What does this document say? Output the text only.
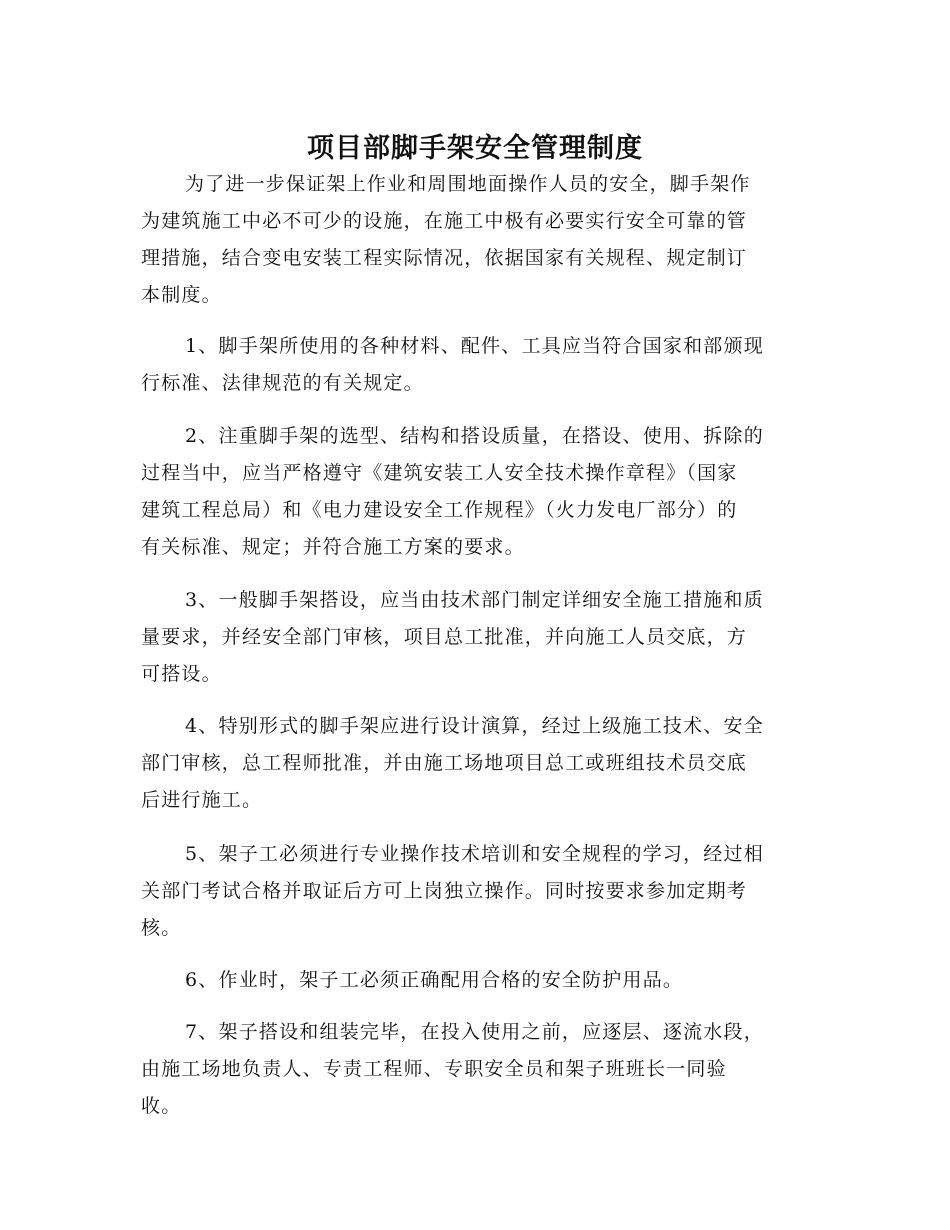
项目部脚手架安全管理制度

为了进一步保证架上作业和周围地面操作人员的安全，脚手架作
为建筑施工中必不可少的设施，在施工中极有必要实行安全可靠的管
理措施，结合变电安装工程实际情况，依据国家有关规程、规定制订
本制度。

1、脚手架所使用的各种材料、配件、工具应当符合国家和部颁现
行标准、法律规范的有关规定。

2、注重脚手架的选型、结构和搭设质量，在搭设、使用、拆除的
过程当中，应当严格遵守《建筑安装工人安全技术操作章程》（国家
建筑工程总局）和《电力建设安全工作规程》（火力发电厂部分）的
有关标准、规定；并符合施工方案的要求。

3、一般脚手架搭设，应当由技术部门制定详细安全施工措施和质
量要求，并经安全部门审核，项目总工批准，并向施工人员交底，方
可搭设。

4、特别形式的脚手架应进行设计演算，经过上级施工技术、安全
部门审核，总工程师批准，并由施工场地项目总工或班组技术员交底
后进行施工。

5、架子工必须进行专业操作技术培训和安全规程的学习，经过相
关部门考试合格并取证后方可上岗独立操作。同时按要求参加定期考
核。

6、作业时，架子工必须正确配用合格的安全防护用品。

7、架子搭设和组装完毕，在投入使用之前，应逐层、逐流水段，
由施工场地负责人、专责工程师、专职安全员和架子班班长一同验
收。
